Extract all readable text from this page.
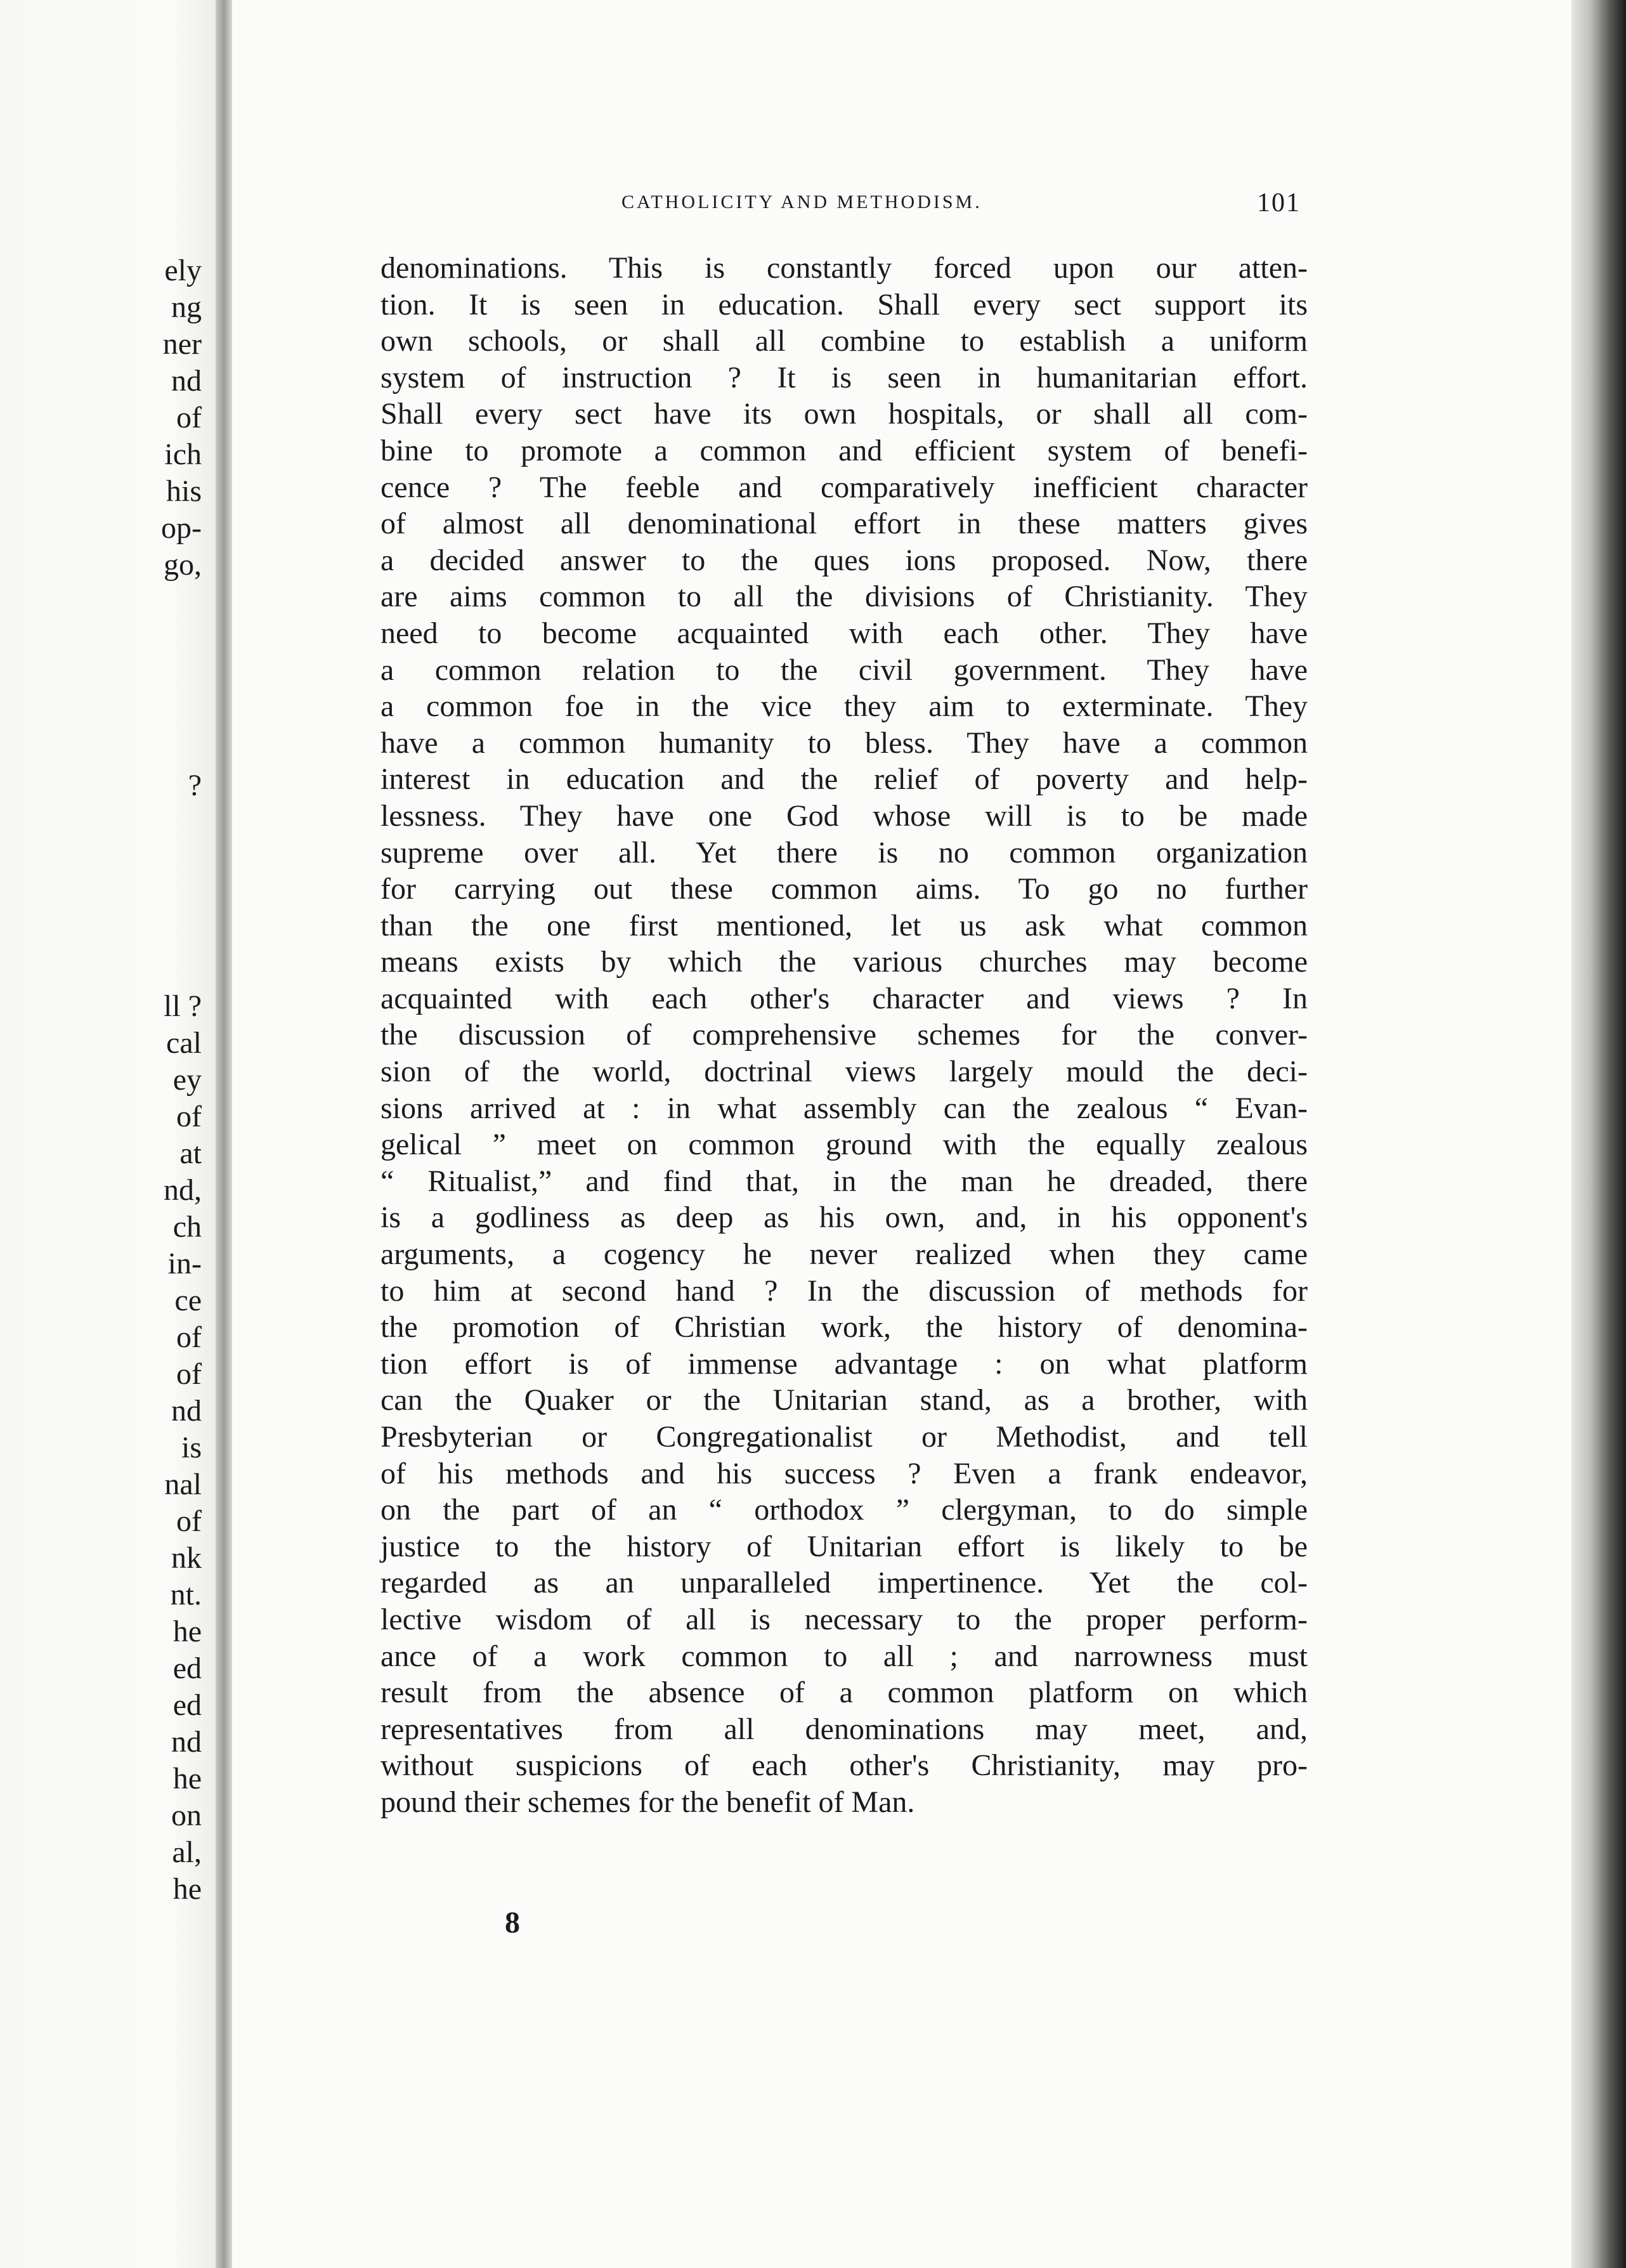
ely
ng
ner
nd
of
ich
his
op-
go,
?
ll ?
cal
ey
of
at
nd,
ch
in-
ce
of
of
nd
is
nal
of
nk
nt.
he
ed
ed
nd
he
on
al,
he
CATHOLICITY AND METHODISM.	101
denominations. This is constantly forced upon our atten-
tion. It is seen in education. Shall every sect support its
own schools, or shall all combine to establish a uniform
system of instruction ? It is seen in humanitarian effort.
Shall every sect have its own hospitals, or shall all com-
bine to promote a common and efficient system of benefi-
cence ? The feeble and comparatively inefficient character
of almost all denominational effort in these matters gives
a decided answer to the ques ions proposed. Now, there
are aims common to all the divisions of Christianity. They
need to become acquainted with each other. They have
a common relation to the civil government. They have
a common foe in the vice they aim to exterminate. They
have a common humanity to bless. They have a common
interest in education and the relief of poverty and help-
lessness. They have one God whose will is to be made
supreme over all. Yet there is no common organization
for carrying out these common aims. To go no further
than the one first mentioned, let us ask what common
means exists by which the various churches may become
acquainted with each other's character and views ? In
the discussion of comprehensive schemes for the conver-
sion of the world, doctrinal views largely mould the deci-
sions arrived at : in what assembly can the zealous “ Evan-
gelical ” meet on common ground with the equally zealous
“ Ritualist,” and find that, in the man he dreaded, there
is a godliness as deep as his own, and, in his opponent's
arguments, a cogency he never realized when they came
to him at second hand ? In the discussion of methods for
the promotion of Christian work, the history of denomina-
tion effort is of immense advantage : on what platform
can the Quaker or the Unitarian stand, as a brother, with
Presbyterian or Congregationalist or Methodist, and tell
of his methods and his success ? Even a frank endeavor,
on the part of an “ orthodox ” clergyman, to do simple
justice to the history of Unitarian effort is likely to be
regarded as an unparalleled impertinence. Yet the col-
lective wisdom of all is necessary to the proper perform-
ance of a work common to all ; and narrowness must
result from the absence of a common platform on which
representatives from all denominations may meet, and,
without suspicions of each other's Christianity, may pro-
pound their schemes for the benefit of Man.
8
